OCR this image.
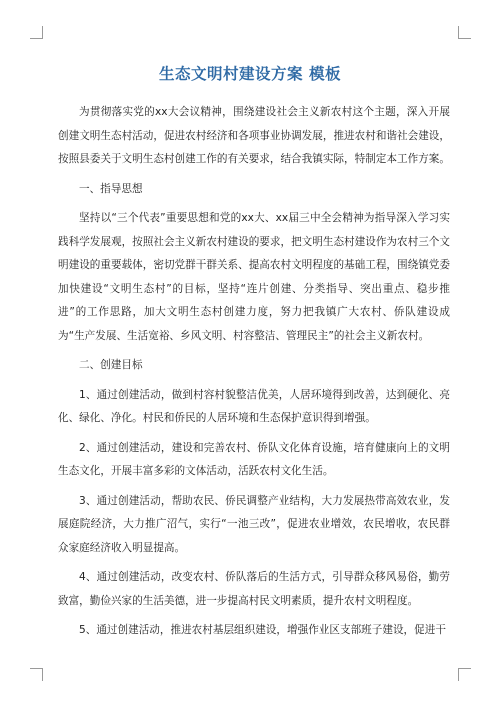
生态文明村建设方案 模板

为贯彻落实党的xx大会议精神，围绕建设社会主义新农村这个主题，深入开展创建文明生态村活动，促进农村经济和各项事业协调发展，推进农村和谐社会建设，按照县委关于文明生态村创建工作的有关要求，结合我镇实际，特制定本工作方案。

一、指导思想

坚持以“三个代表”重要思想和党的xx大、xx届三中全会精神为指导深入学习实践科学发展观，按照社会主义新农村建设的要求，把文明生态村建设作为农村三个文明建设的重要载体，密切党群干群关系、提高农村文明程度的基础工程，围绕镇党委加快建设“文明生态村”的目标，坚持“连片创建、分类指导、突出重点、稳步推进”的工作思路，加大文明生态村创建力度，努力把我镇广大农村、侨队建设成为“生产发展、生活宽裕、乡风文明、村容整洁、管理民主”的社会主义新农村。

二、创建目标

1、通过创建活动，做到村容村貌整洁优美，人居环境得到改善，达到硬化、亮化、绿化、净化。村民和侨民的人居环境和生态保护意识得到增强。

2、通过创建活动，建设和完善农村、侨队文化体育设施，培育健康向上的文明生态文化，开展丰富多彩的文体活动，活跃农村文化生活。

3、通过创建活动，帮助农民、侨民调整产业结构，大力发展热带高效农业，发展庭院经济，大力推广沼气，实行“一池三改”，促进农业增效，农民增收，农民群众家庭经济收入明显提高。

4、通过创建活动，改变农村、侨队落后的生活方式，引导群众移风易俗，勤劳致富，勤俭兴家的生活美德，进一步提高村民文明素质，提升农村文明程度。

5、通过创建活动，推进农村基层组织建设，增强作业区支部班子建设，促进干
